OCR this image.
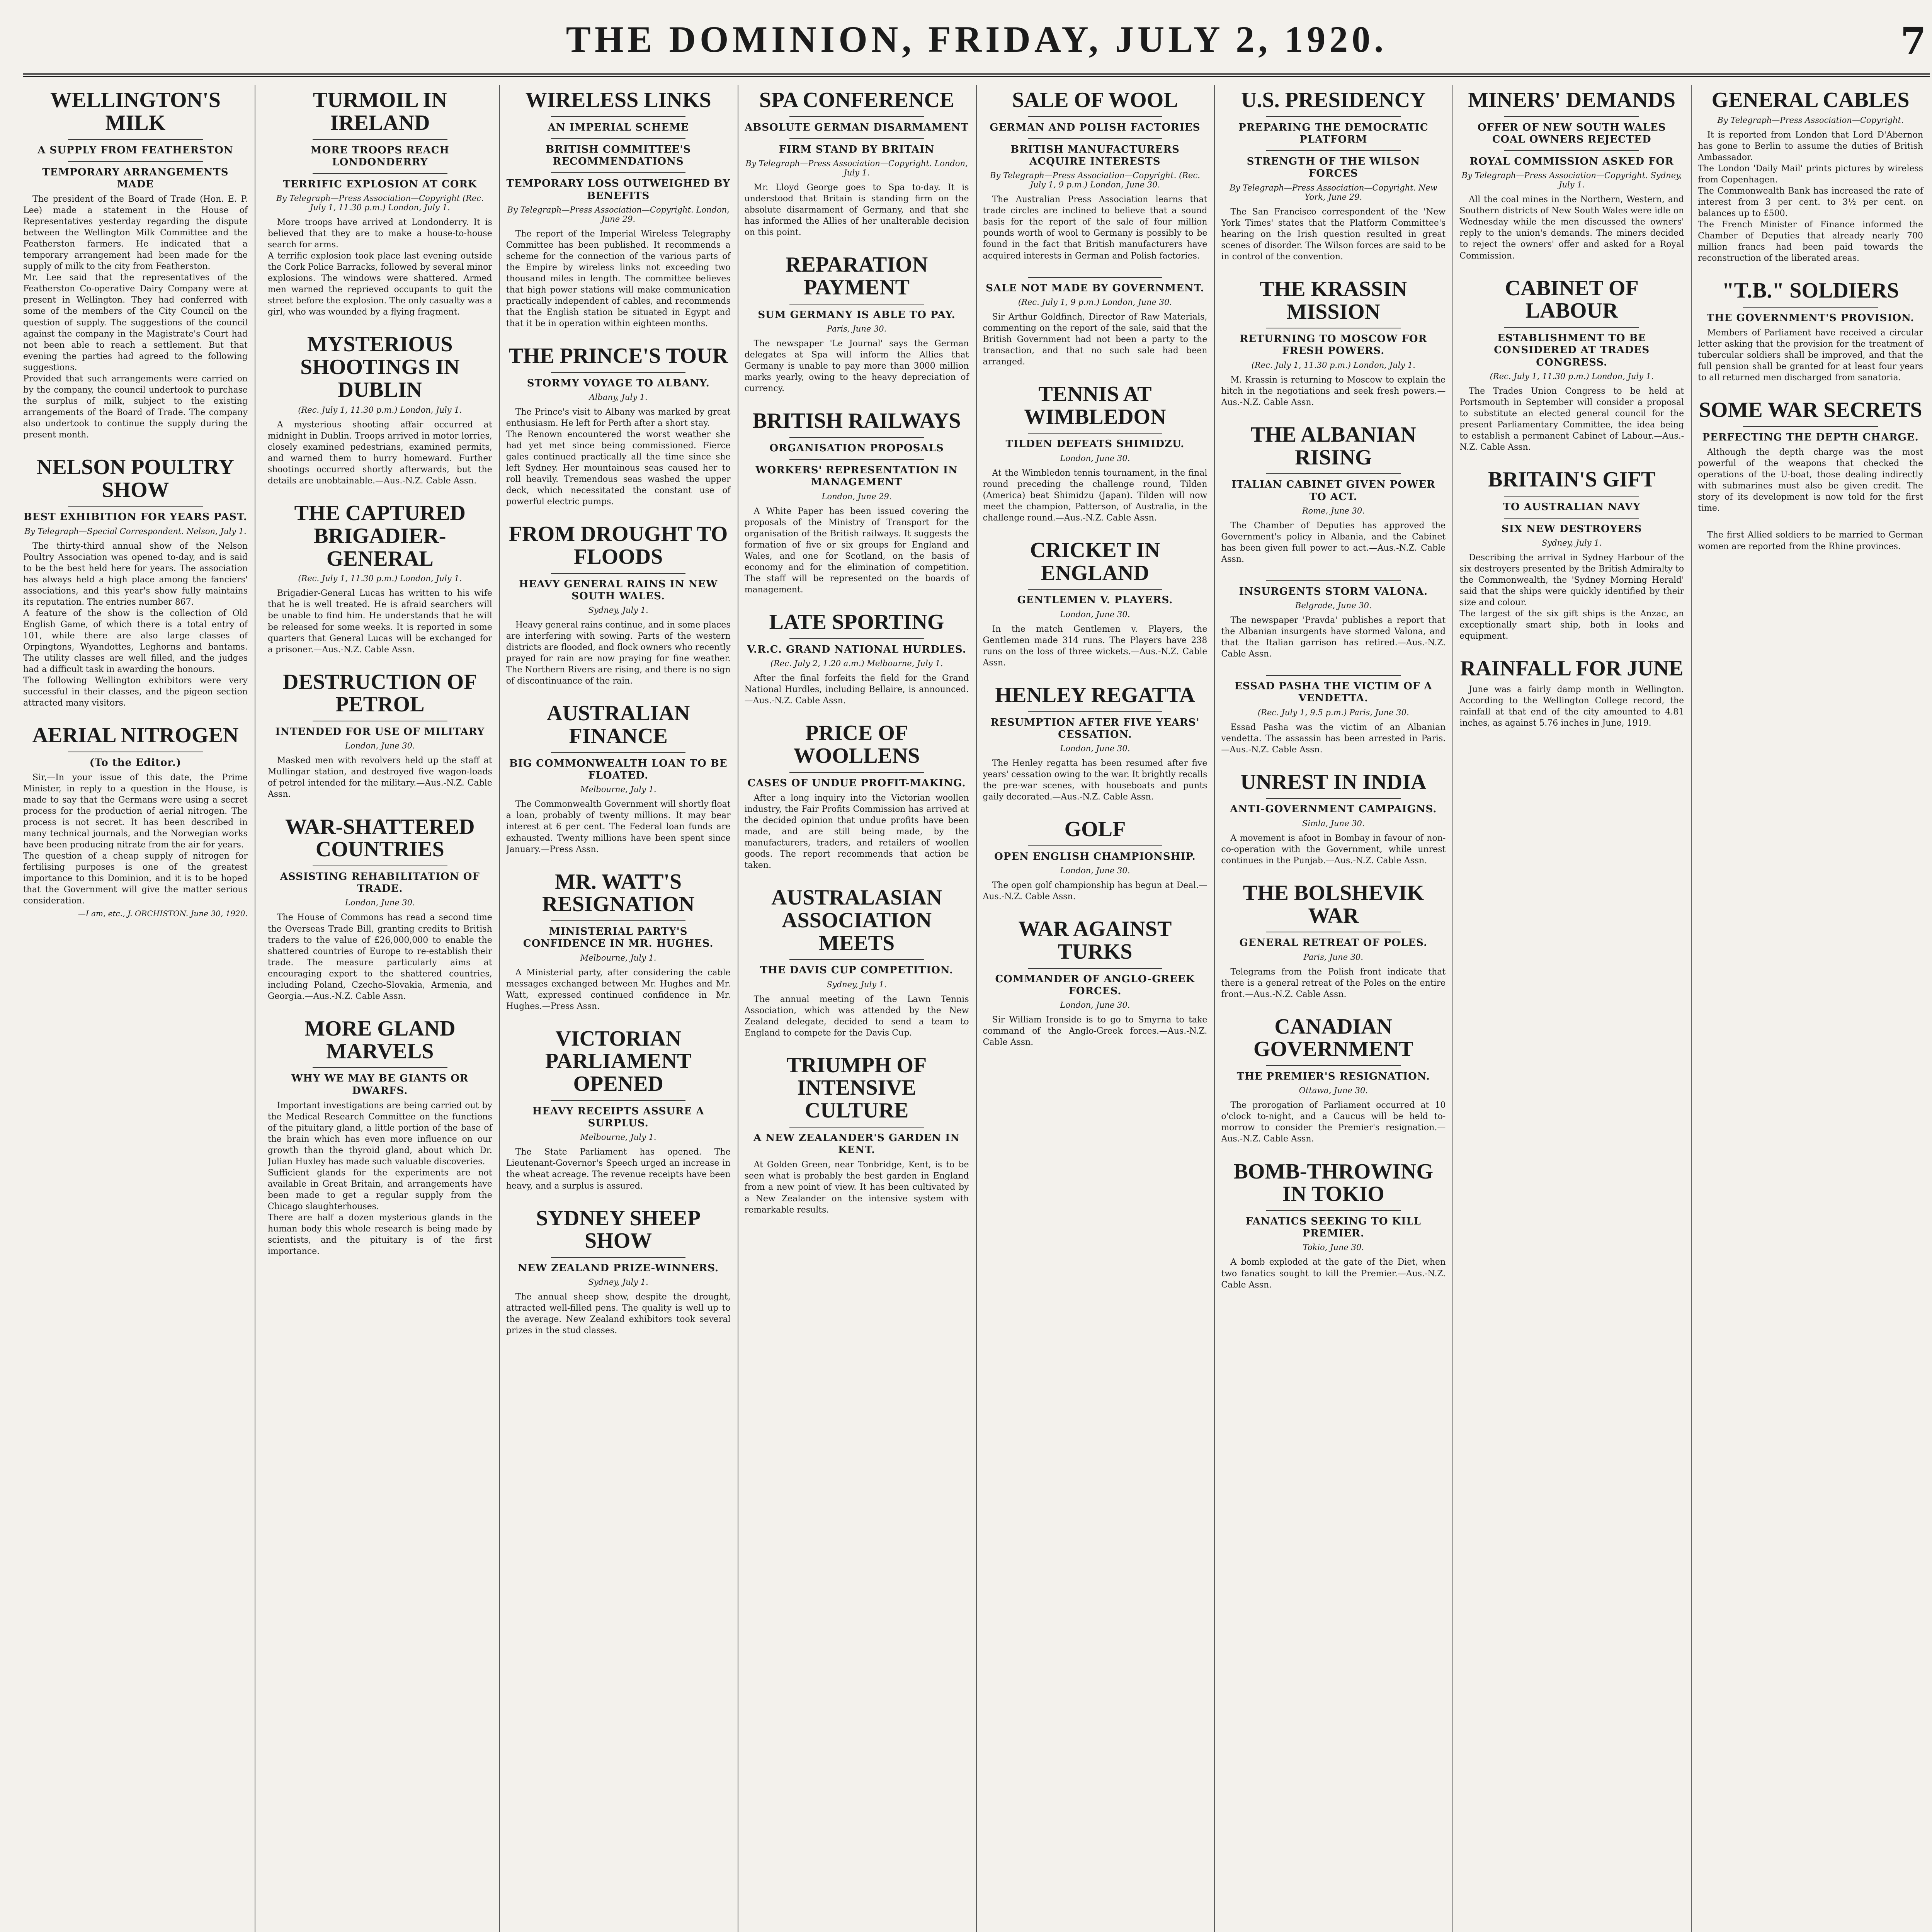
THE DOMINION, FRIDAY, JULY 2, 1920.	7
WELLINGTON'S MILK
A SUPPLY FROM FEATHERSTON
TEMPORARY ARRANGEMENTS MADE

The president of the Board of Trade (Hon. E. P. Lee) made a statement in the House of Representatives yesterday regarding the dispute between the Wellington Milk Committee and the Featherston farmers. He indicated that a temporary arrangement had been made for the supply of milk to the city from Featherston.
Mr. Lee said that the representatives of the Featherston Co-operative Dairy Company were at present in Wellington. They had conferred with some of the members of the City Council on the question of supply. The suggestions of the council against the company in the Magistrate's Court had not been able to reach a settlement. But that evening the parties had agreed to the following suggestions.
Provided that such arrangements were carried on by the company, the council undertook to purchase the surplus of milk, subject to the existing arrangements of the Board of Trade. The company also undertook to continue the supply during the present month.

NELSON POULTRY SHOW
BEST EXHIBITION FOR YEARS PAST.
By Telegraph—Special Correspondent. Nelson, July 1.

The thirty-third annual show of the Nelson Poultry Association was opened to-day, and is said to be the best held here for years. The association has always held a high place among the fanciers' associations, and this year's show fully maintains its reputation. The entries number 867.
A feature of the show is the collection of Old English Game, of which there is a total entry of 101, while there are also large classes of Orpingtons, Wyandottes, Leghorns and bantams. The utility classes are well filled, and the judges had a difficult task in awarding the honours.
The following Wellington exhibitors were very successful in their classes, and the pigeon section attracted many visitors.

AERIAL NITROGEN
(To the Editor.)

Sir,—In your issue of this date, the Prime Minister, in reply to a question in the House, is made to say that the Germans were using a secret process for the production of aerial nitrogen. The process is not secret. It has been described in many technical journals, and the Norwegian works have been producing nitrate from the air for years.
The question of a cheap supply of nitrogen for fertilising purposes is one of the greatest importance to this Dominion, and it is to be hoped that the Government will give the matter serious consideration.

—I am, etc., J. ORCHISTON. June 30, 1920.
TURMOIL IN IRELAND
MORE TROOPS REACH LONDONDERRY
TERRIFIC EXPLOSION AT CORK
By Telegraph—Press Association—Copyright (Rec. July 1, 11.30 p.m.) London, July 1.

More troops have arrived at Londonderry. It is believed that they are to make a house-to-house search for arms.
A terrific explosion took place last evening outside the Cork Police Barracks, followed by several minor explosions. The windows were shattered. Armed men warned the reprieved occupants to quit the street before the explosion. The only casualty was a girl, who was wounded by a flying fragment.

MYSTERIOUS SHOOTINGS IN DUBLIN
(Rec. July 1, 11.30 p.m.) London, July 1.

A mysterious shooting affair occurred at midnight in Dublin. Troops arrived in motor lorries, closely examined pedestrians, examined permits, and warned them to hurry homeward. Further shootings occurred shortly afterwards, but the details are unobtainable.—Aus.-N.Z. Cable Assn.

THE CAPTURED BRIGADIER-GENERAL
(Rec. July 1, 11.30 p.m.) London, July 1.

Brigadier-General Lucas has written to his wife that he is well treated. He is afraid searchers will be unable to find him. He understands that he will be released for some weeks. It is reported in some quarters that General Lucas will be exchanged for a prisoner.—Aus.-N.Z. Cable Assn.

DESTRUCTION OF PETROL
INTENDED FOR USE OF MILITARY
London, June 30.

Masked men with revolvers held up the staff at Mullingar station, and destroyed five wagon-loads of petrol intended for the military.—Aus.-N.Z. Cable Assn.

WAR-SHATTERED COUNTRIES
ASSISTING REHABILITATION OF TRADE.
London, June 30.

The House of Commons has read a second time the Overseas Trade Bill, granting credits to British traders to the value of £26,000,000 to enable the shattered countries of Europe to re-establish their trade. The measure particularly aims at encouraging export to the shattered countries, including Poland, Czecho-Slovakia, Armenia, and Georgia.—Aus.-N.Z. Cable Assn.

MORE GLAND MARVELS
WHY WE MAY BE GIANTS OR DWARFS.

Important investigations are being carried out by the Medical Research Committee on the functions of the pituitary gland, a little portion of the base of the brain which has even more influence on our growth than the thyroid gland, about which Dr. Julian Huxley has made such valuable discoveries.
Sufficient glands for the experiments are not available in Great Britain, and arrangements have been made to get a regular supply from the Chicago slaughterhouses.
There are half a dozen mysterious glands in the human body this whole research is being made by scientists, and the pituitary is of the first importance.

WIRELESS LINKS
AN IMPERIAL SCHEME
BRITISH COMMITTEE'S RECOMMENDATIONS
TEMPORARY LOSS OUTWEIGHED BY BENEFITS
By Telegraph—Press Association—Copyright. London, June 29.

The report of the Imperial Wireless Telegraphy Committee has been published. It recommends a scheme for the connection of the various parts of the Empire by wireless links not exceeding two thousand miles in length. The committee believes that high power stations will make communication practically independent of cables, and recommends that the English station be situated in Egypt and that it be in operation within eighteen months.

THE PRINCE'S TOUR
STORMY VOYAGE TO ALBANY.
Albany, July 1.

The Prince's visit to Albany was marked by great enthusiasm. He left for Perth after a short stay.
The Renown encountered the worst weather she had yet met since being commissioned. Fierce gales continued practically all the time since she left Sydney. Her mountainous seas caused her to roll heavily. Tremendous seas washed the upper deck, which necessitated the constant use of powerful electric pumps.

FROM DROUGHT TO FLOODS
HEAVY GENERAL RAINS IN NEW SOUTH WALES.
Sydney, July 1.

Heavy general rains continue, and in some places are interfering with sowing. Parts of the western districts are flooded, and flock owners who recently prayed for rain are now praying for fine weather. The Northern Rivers are rising, and there is no sign of discontinuance of the rain.

AUSTRALIAN FINANCE
BIG COMMONWEALTH LOAN TO BE FLOATED.
Melbourne, July 1.

The Commonwealth Government will shortly float a loan, probably of twenty millions. It may bear interest at 6 per cent. The Federal loan funds are exhausted. Twenty millions have been spent since January.—Press Assn.

MR. WATT'S RESIGNATION
MINISTERIAL PARTY'S CONFIDENCE IN MR. HUGHES.
Melbourne, July 1.

A Ministerial party, after considering the cable messages exchanged between Mr. Hughes and Mr. Watt, expressed continued confidence in Mr. Hughes.—Press Assn.

VICTORIAN PARLIAMENT OPENED
HEAVY RECEIPTS ASSURE A SURPLUS.
Melbourne, July 1.

The State Parliament has opened. The Lieutenant-Governor's Speech urged an increase in the wheat acreage. The revenue receipts have been heavy, and a surplus is assured.

SYDNEY SHEEP SHOW
NEW ZEALAND PRIZE-WINNERS.
Sydney, July 1.

The annual sheep show, despite the drought, attracted well-filled pens. The quality is well up to the average. New Zealand exhibitors took several prizes in the stud classes.

SPA CONFERENCE
ABSOLUTE GERMAN DISARMAMENT
FIRM STAND BY BRITAIN
By Telegraph—Press Association—Copyright. London, July 1.

Mr. Lloyd George goes to Spa to-day. It is understood that Britain is standing firm on the absolute disarmament of Germany, and that she has informed the Allies of her unalterable decision on this point.

REPARATION PAYMENT
SUM GERMANY IS ABLE TO PAY.
Paris, June 30.

The newspaper 'Le Journal' says the German delegates at Spa will inform the Allies that Germany is unable to pay more than 3000 million marks yearly, owing to the heavy depreciation of currency.

BRITISH RAILWAYS
ORGANISATION PROPOSALS
WORKERS' REPRESENTATION IN MANAGEMENT
London, June 29.

A White Paper has been issued covering the proposals of the Ministry of Transport for the organisation of the British railways. It suggests the formation of five or six groups for England and Wales, and one for Scotland, on the basis of economy and for the elimination of competition. The staff will be represented on the boards of management.

LATE SPORTING
V.R.C. GRAND NATIONAL HURDLES.
(Rec. July 2, 1.20 a.m.) Melbourne, July 1.

After the final forfeits the field for the Grand National Hurdles, including Bellaire, is announced.—Aus.-N.Z. Cable Assn.

PRICE OF WOOLLENS
CASES OF UNDUE PROFIT-MAKING.

After a long inquiry into the Victorian woollen industry, the Fair Profits Commission has arrived at the decided opinion that undue profits have been made, and are still being made, by the manufacturers, traders, and retailers of woollen goods. The report recommends that action be taken.

AUSTRALASIAN ASSOCIATION MEETS
THE DAVIS CUP COMPETITION.
Sydney, July 1.

The annual meeting of the Lawn Tennis Association, which was attended by the New Zealand delegate, decided to send a team to England to compete for the Davis Cup.

TRIUMPH OF INTENSIVE CULTURE
A NEW ZEALANDER'S GARDEN IN KENT.

At Golden Green, near Tonbridge, Kent, is to be seen what is probably the best garden in England from a new point of view. It has been cultivated by a New Zealander on the intensive system with remarkable results.

SALE OF WOOL
GERMAN AND POLISH FACTORIES
BRITISH MANUFACTURERS ACQUIRE INTERESTS
By Telegraph—Press Association—Copyright. (Rec. July 1, 9 p.m.) London, June 30.

The Australian Press Association learns that trade circles are inclined to believe that a sound basis for the report of the sale of four million pounds worth of wool to Germany is possibly to be found in the fact that British manufacturers have acquired interests in German and Polish factories.

SALE NOT MADE BY GOVERNMENT.
(Rec. July 1, 9 p.m.) London, June 30.

Sir Arthur Goldfinch, Director of Raw Materials, commenting on the report of the sale, said that the British Government had not been a party to the transaction, and that no such sale had been arranged.

TENNIS AT WIMBLEDON
TILDEN DEFEATS SHIMIDZU.
London, June 30.

At the Wimbledon tennis tournament, in the final round preceding the challenge round, Tilden (America) beat Shimidzu (Japan). Tilden will now meet the champion, Patterson, of Australia, in the challenge round.—Aus.-N.Z. Cable Assn.

CRICKET IN ENGLAND
GENTLEMEN V. PLAYERS.
London, June 30.

In the match Gentlemen v. Players, the Gentlemen made 314 runs. The Players have 238 runs on the loss of three wickets.—Aus.-N.Z. Cable Assn.

HENLEY REGATTA
RESUMPTION AFTER FIVE YEARS' CESSATION.
London, June 30.

The Henley regatta has been resumed after five years' cessation owing to the war. It brightly recalls the pre-war scenes, with houseboats and punts gaily decorated.—Aus.-N.Z. Cable Assn.

GOLF
OPEN ENGLISH CHAMPIONSHIP.
London, June 30.

The open golf championship has begun at Deal.—Aus.-N.Z. Cable Assn.

WAR AGAINST TURKS
COMMANDER OF ANGLO-GREEK FORCES.
London, June 30.

Sir William Ironside is to go to Smyrna to take command of the Anglo-Greek forces.—Aus.-N.Z. Cable Assn.

U.S. PRESIDENCY
PREPARING THE DEMOCRATIC PLATFORM
STRENGTH OF THE WILSON FORCES
By Telegraph—Press Association—Copyright. New York, June 29.

The San Francisco correspondent of the 'New York Times' states that the Platform Committee's hearing on the Irish question resulted in great scenes of disorder. The Wilson forces are said to be in control of the convention.

THE KRASSIN MISSION
RETURNING TO MOSCOW FOR FRESH POWERS.
(Rec. July 1, 11.30 p.m.) London, July 1.

M. Krassin is returning to Moscow to explain the hitch in the negotiations and seek fresh powers.—Aus.-N.Z. Cable Assn.

THE ALBANIAN RISING
ITALIAN CABINET GIVEN POWER TO ACT.
Rome, June 30.

The Chamber of Deputies has approved the Government's policy in Albania, and the Cabinet has been given full power to act.—Aus.-N.Z. Cable Assn.

INSURGENTS STORM VALONA.
Belgrade, June 30.

The newspaper 'Pravda' publishes a report that the Albanian insurgents have stormed Valona, and that the Italian garrison has retired.—Aus.-N.Z. Cable Assn.

ESSAD PASHA THE VICTIM OF A VENDETTA.
(Rec. July 1, 9.5 p.m.) Paris, June 30.

Essad Pasha was the victim of an Albanian vendetta. The assassin has been arrested in Paris.—Aus.-N.Z. Cable Assn.

UNREST IN INDIA
ANTI-GOVERNMENT CAMPAIGNS.
Simla, June 30.

A movement is afoot in Bombay in favour of non-co-operation with the Government, while unrest continues in the Punjab.—Aus.-N.Z. Cable Assn.

THE BOLSHEVIK WAR
GENERAL RETREAT OF POLES.
Paris, June 30.

Telegrams from the Polish front indicate that there is a general retreat of the Poles on the entire front.—Aus.-N.Z. Cable Assn.

CANADIAN GOVERNMENT
THE PREMIER'S RESIGNATION.
Ottawa, June 30.

The prorogation of Parliament occurred at 10 o'clock to-night, and a Caucus will be held to-morrow to consider the Premier's resignation.—Aus.-N.Z. Cable Assn.

BOMB-THROWING IN TOKIO
FANATICS SEEKING TO KILL PREMIER.
Tokio, June 30.

A bomb exploded at the gate of the Diet, when two fanatics sought to kill the Premier.—Aus.-N.Z. Cable Assn.

MINERS' DEMANDS
OFFER OF NEW SOUTH WALES COAL OWNERS REJECTED
ROYAL COMMISSION ASKED FOR
By Telegraph—Press Association—Copyright. Sydney, July 1.

All the coal mines in the Northern, Western, and Southern districts of New South Wales were idle on Wednesday while the men discussed the owners' reply to the union's demands. The miners decided to reject the owners' offer and asked for a Royal Commission.

CABINET OF LABOUR
ESTABLISHMENT TO BE CONSIDERED AT TRADES CONGRESS.
(Rec. July 1, 11.30 p.m.) London, July 1.

The Trades Union Congress to be held at Portsmouth in September will consider a proposal to substitute an elected general council for the present Parliamentary Committee, the idea being to establish a permanent Cabinet of Labour.—Aus.-N.Z. Cable Assn.

BRITAIN'S GIFT
TO AUSTRALIAN NAVY
SIX NEW DESTROYERS
Sydney, July 1.

Describing the arrival in Sydney Harbour of the six destroyers presented by the British Admiralty to the Commonwealth, the 'Sydney Morning Herald' said that the ships were quickly identified by their size and colour.
The largest of the six gift ships is the Anzac, an exceptionally smart ship, both in looks and equipment.

RAINFALL FOR JUNE

June was a fairly damp month in Wellington. According to the Wellington College record, the rainfall at that end of the city amounted to 4.81 inches, as against 5.76 inches in June, 1919.

GENERAL CABLES
By Telegraph—Press Association—Copyright.

It is reported from London that Lord D'Abernon has gone to Berlin to assume the duties of British Ambassador.
The London 'Daily Mail' prints pictures by wireless from Copenhagen.
The Commonwealth Bank has increased the rate of interest from 3 per cent. to 3½ per cent. on balances up to £500.
The French Minister of Finance informed the Chamber of Deputies that already nearly 700 million francs had been paid towards the reconstruction of the liberated areas.

"T.B." SOLDIERS
THE GOVERNMENT'S PROVISION.

Members of Parliament have received a circular letter asking that the provision for the treatment of tubercular soldiers shall be improved, and that the full pension shall be granted for at least four years to all returned men discharged from sanatoria.

SOME WAR SECRETS
PERFECTING THE DEPTH CHARGE.

Although the depth charge was the most powerful of the weapons that checked the operations of the U-boat, those dealing indirectly with submarines must also be given credit. The story of its development is now told for the first time.

The first Allied soldiers to be married to German women are reported from the Rhine provinces.
